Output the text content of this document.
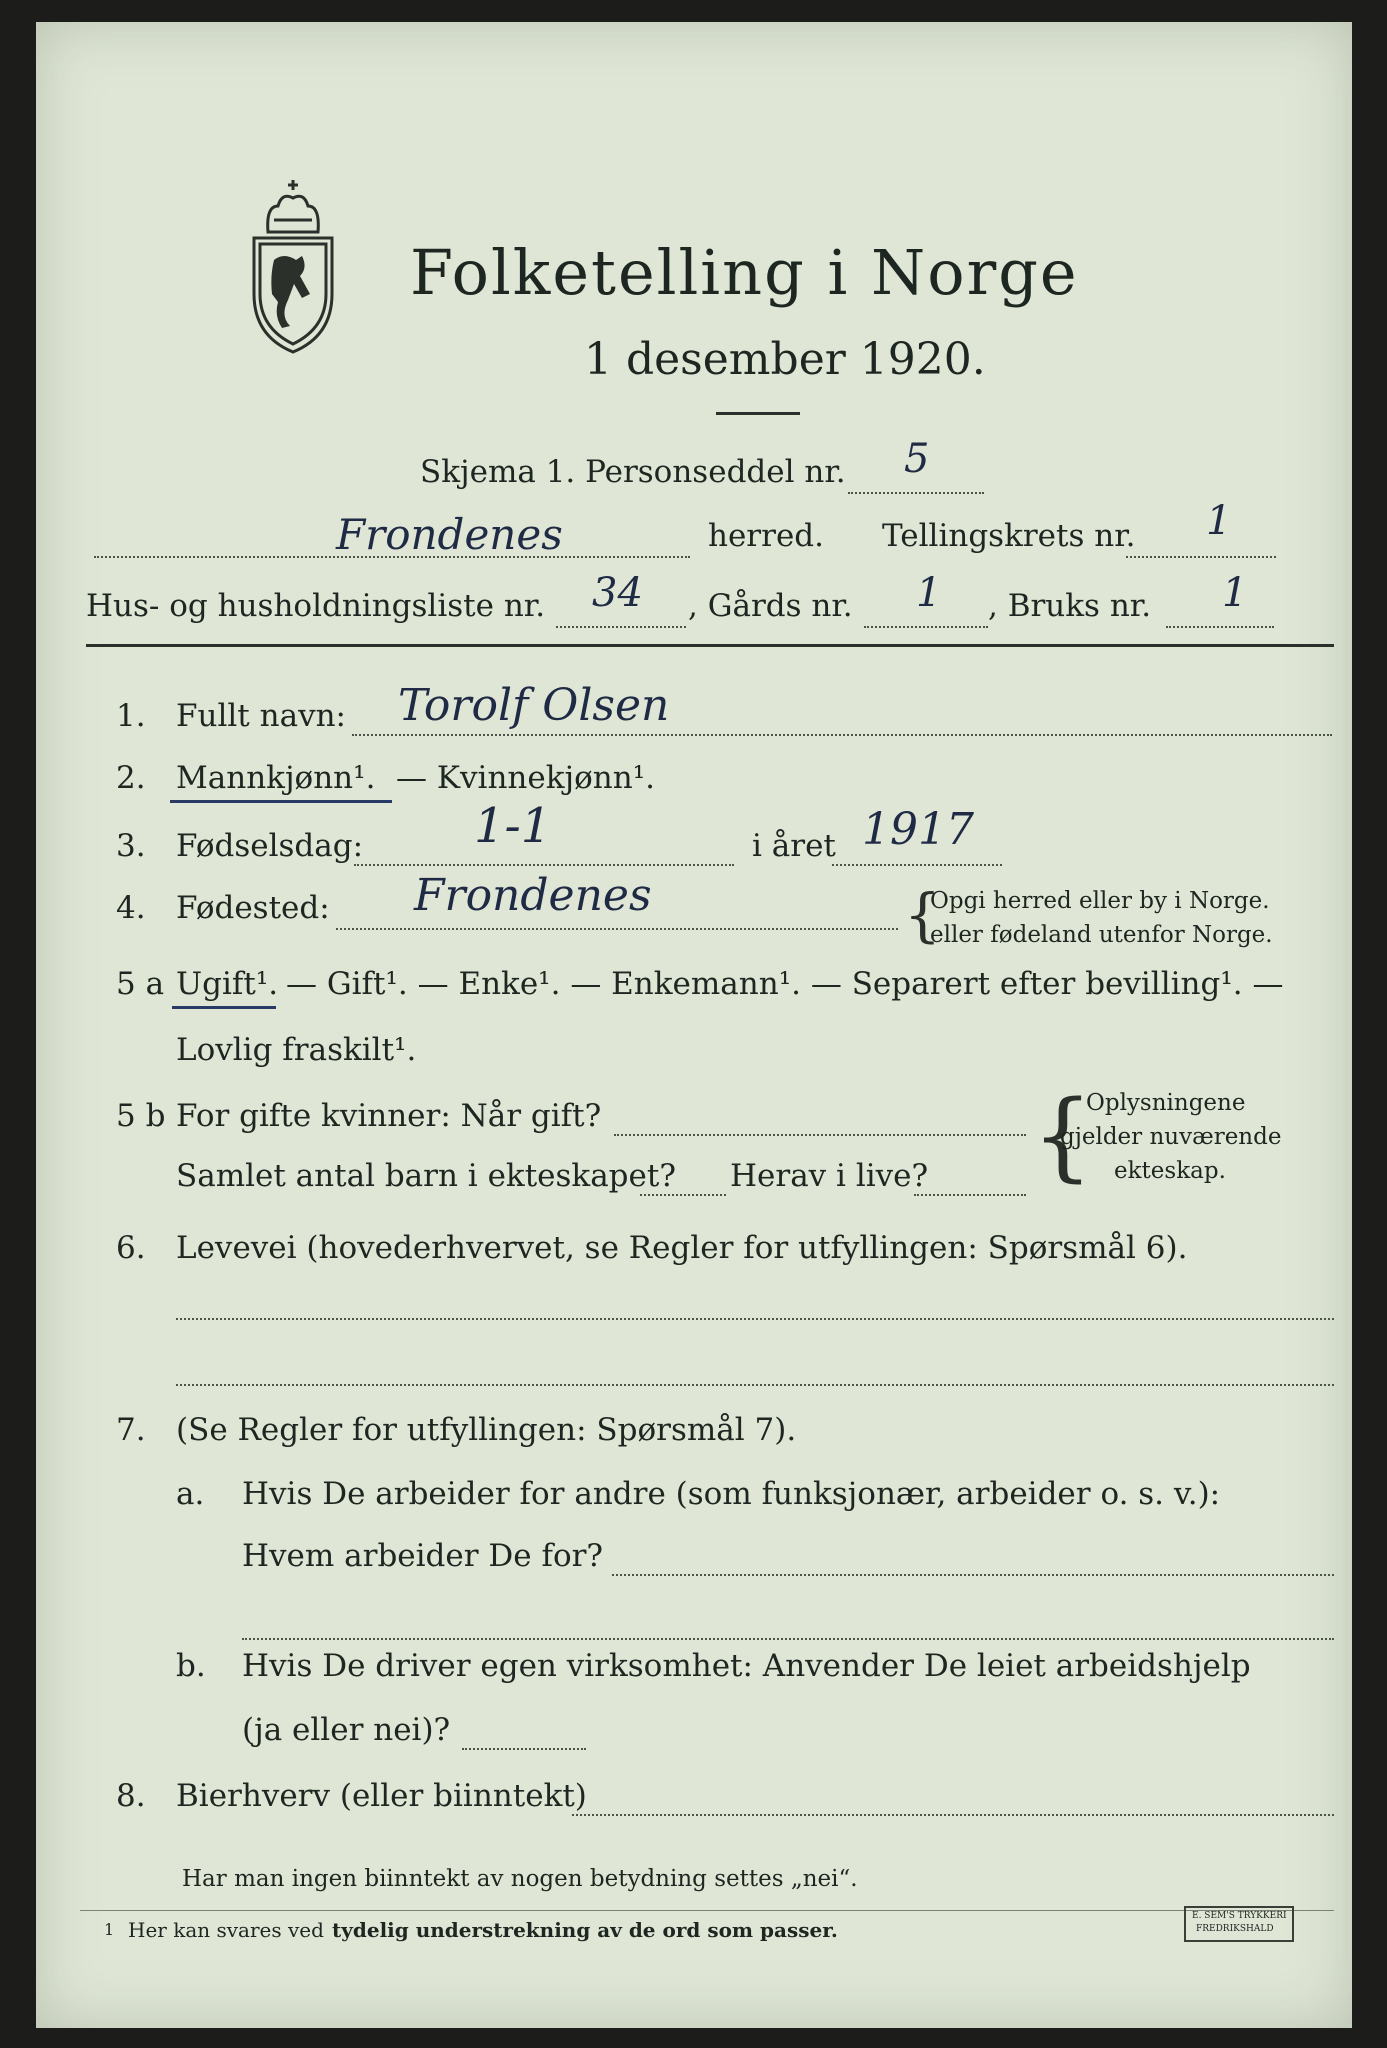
Folketelling i Norge
1 desember 1920.
Skjema 1. Personseddel nr. 5
Frondenes	herred. Tellingskrets nr. 1
Hus- og husholdningsliste nr. 34 , Gårds nr. 1 , Bruks nr. 1
1. Fullt navn: Torolf Olsen
2. Mannkjønn¹. — Kvinnekjønn¹.
3. Fødselsdag: 1-1	i året 1917
4. Fødested: Frondenes	{
Opgi herred eller by i Norge.
eller fødeland utenfor Norge.
5 a Ugift¹. — Gift¹. — Enke¹. — Enkemann¹. — Separert efter bevilling¹. —
Lovlig fraskilt¹.
5 b For gifte kvinner: Når gift?
Samlet antal barn i ekteskapet? Herav i live? {
Oplysningene
gjelder nuværende
ekteskap.
6. Levevei (hovederhvervet, se Regler for utfyllingen: Spørsmål 6).
7. (Se Regler for utfyllingen: Spørsmål 7).
a. Hvis De arbeider for andre (som funksjonær, arbeider o. s. v.):
Hvem arbeider De for?
b. Hvis De driver egen virksomhet: Anvender De leiet arbeidshjelp
(ja eller nei)?
8. Bierhverv (eller biinntekt)
Har man ingen biinntekt av nogen betydning settes „nei“.
1 Her kan svares ved tydelig understrekning av de ord som passer.
E. SEM'S TRYKKERI
FREDRIKSHALD
